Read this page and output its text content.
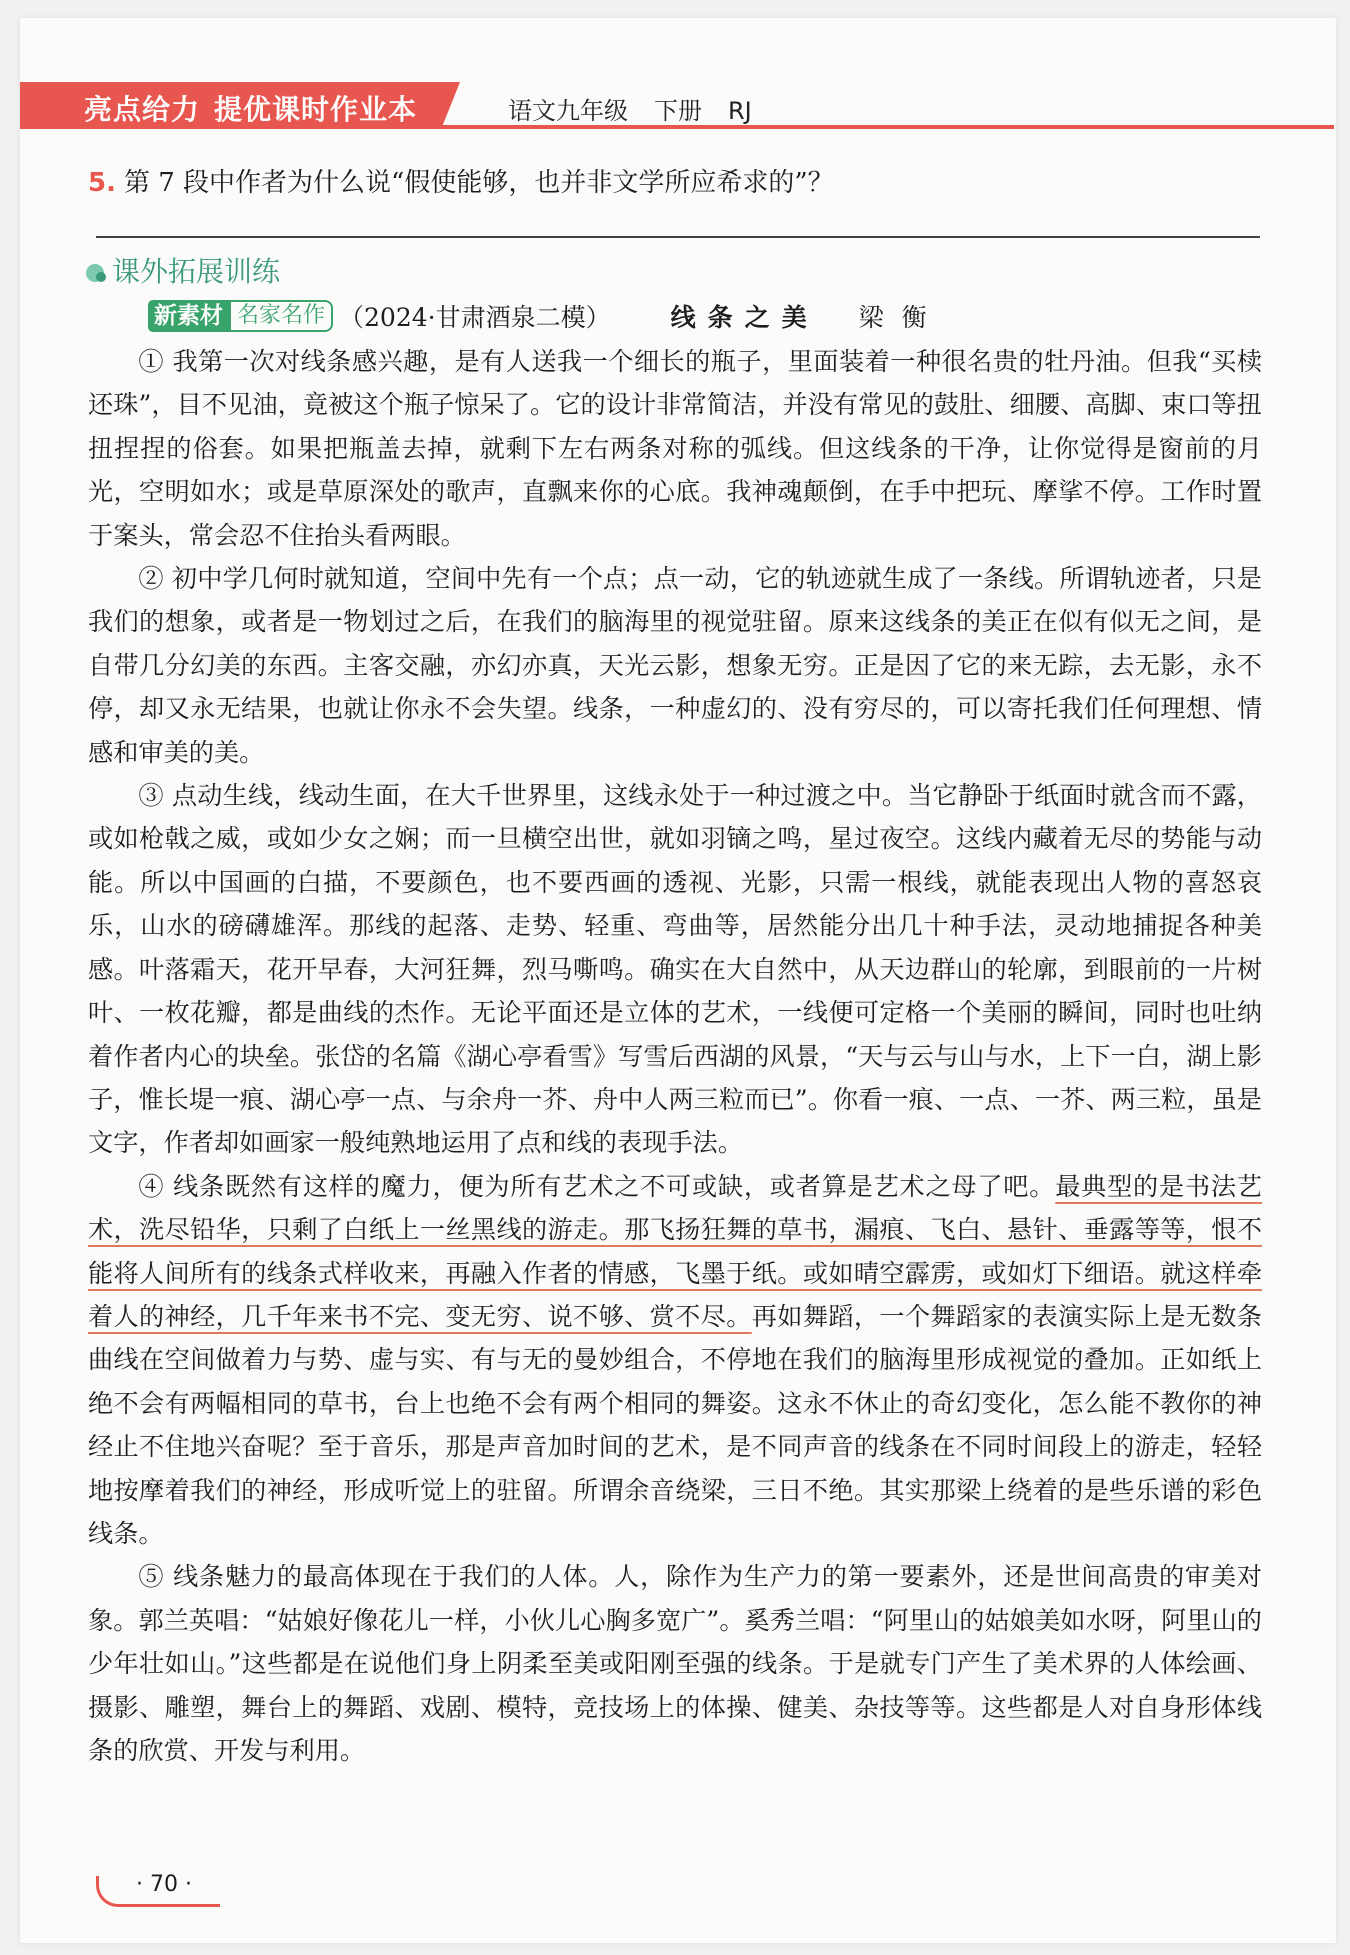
亮点给力 提优课时作业本	语文九年级 下册 RJ
5. 第 7 段中作者为什么说“假使能够，也并非文学所应希求的”？
课外拓展训练
新素材 名家名作 （2024·甘肃酒泉二模） 线条之美 梁衡

① 我第一次对线条感兴趣，是有人送我一个细长的瓶子，里面装着一种很名贵的牡丹油。但我“买椟还珠”，目不见油，竟被这个瓶子惊呆了。它的设计非常简洁，并没有常见的鼓肚、细腰、高脚、束口等扭扭捏捏的俗套。如果把瓶盖去掉，就剩下左右两条对称的弧线。但这线条的干净，让你觉得是窗前的月光，空明如水；或是草原深处的歌声，直飘来你的心底。我神魂颠倒，在手中把玩、摩挲不停。工作时置于案头，常会忍不住抬头看两眼。

② 初中学几何时就知道，空间中先有一个点；点一动，它的轨迹就生成了一条线。所谓轨迹者，只是我们的想象，或者是一物划过之后，在我们的脑海里的视觉驻留。原来这线条的美正在似有似无之间，是自带几分幻美的东西。主客交融，亦幻亦真，天光云影，想象无穷。正是因了它的来无踪，去无影，永不停，却又永无结果，也就让你永不会失望。线条，一种虚幻的、没有穷尽的，可以寄托我们任何理想、情感和审美的美。

③ 点动生线，线动生面，在大千世界里，这线永处于一种过渡之中。当它静卧于纸面时就含而不露，或如枪戟之威，或如少女之娴；而一旦横空出世，就如羽镝之鸣，星过夜空。这线内藏着无尽的势能与动能。所以中国画的白描，不要颜色，也不要西画的透视、光影，只需一根线，就能表现出人物的喜怒哀乐，山水的磅礴雄浑。那线的起落、走势、轻重、弯曲等，居然能分出几十种手法，灵动地捕捉各种美感。叶落霜天，花开早春，大河狂舞，烈马嘶鸣。确实在大自然中，从天边群山的轮廓，到眼前的一片树叶、一枚花瓣，都是曲线的杰作。无论平面还是立体的艺术，一线便可定格一个美丽的瞬间，同时也吐纳着作者内心的块垒。张岱的名篇《湖心亭看雪》写雪后西湖的风景，“天与云与山与水，上下一白，湖上影子，惟长堤一痕、湖心亭一点、与余舟一芥、舟中人两三粒而已”。你看一痕、一点、一芥、两三粒，虽是文字，作者却如画家一般纯熟地运用了点和线的表现手法。

④ 线条既然有这样的魔力，便为所有艺术之不可或缺，或者算是艺术之母了吧。最典型的是书法艺术，洗尽铅华，只剩了白纸上一丝黑线的游走。那飞扬狂舞的草书，漏痕、飞白、悬针、垂露等等，恨不能将人间所有的线条式样收来，再融入作者的情感，飞墨于纸。或如晴空霹雳，或如灯下细语。就这样牵着人的神经，几千年来书不完、变无穷、说不够、赏不尽。再如舞蹈，一个舞蹈家的表演实际上是无数条曲线在空间做着力与势、虚与实、有与无的曼妙组合，不停地在我们的脑海里形成视觉的叠加。正如纸上绝不会有两幅相同的草书，台上也绝不会有两个相同的舞姿。这永不休止的奇幻变化，怎么能不教你的神经止不住地兴奋呢？至于音乐，那是声音加时间的艺术，是不同声音的线条在不同时间段上的游走，轻轻地按摩着我们的神经，形成听觉上的驻留。所谓余音绕梁，三日不绝。其实那梁上绕着的是些乐谱的彩色线条。

⑤ 线条魅力的最高体现在于我们的人体。人，除作为生产力的第一要素外，还是世间高贵的审美对象。郭兰英唱：“姑娘好像花儿一样，小伙儿心胸多宽广”。奚秀兰唱：“阿里山的姑娘美如水呀，阿里山的少年壮如山。”这些都是在说他们身上阴柔至美或阳刚至强的线条。于是就专门产生了美术界的人体绘画、摄影、雕塑，舞台上的舞蹈、戏剧、模特，竞技场上的体操、健美、杂技等等。这些都是人对自身形体线条的欣赏、开发与利用。

· 70 ·
